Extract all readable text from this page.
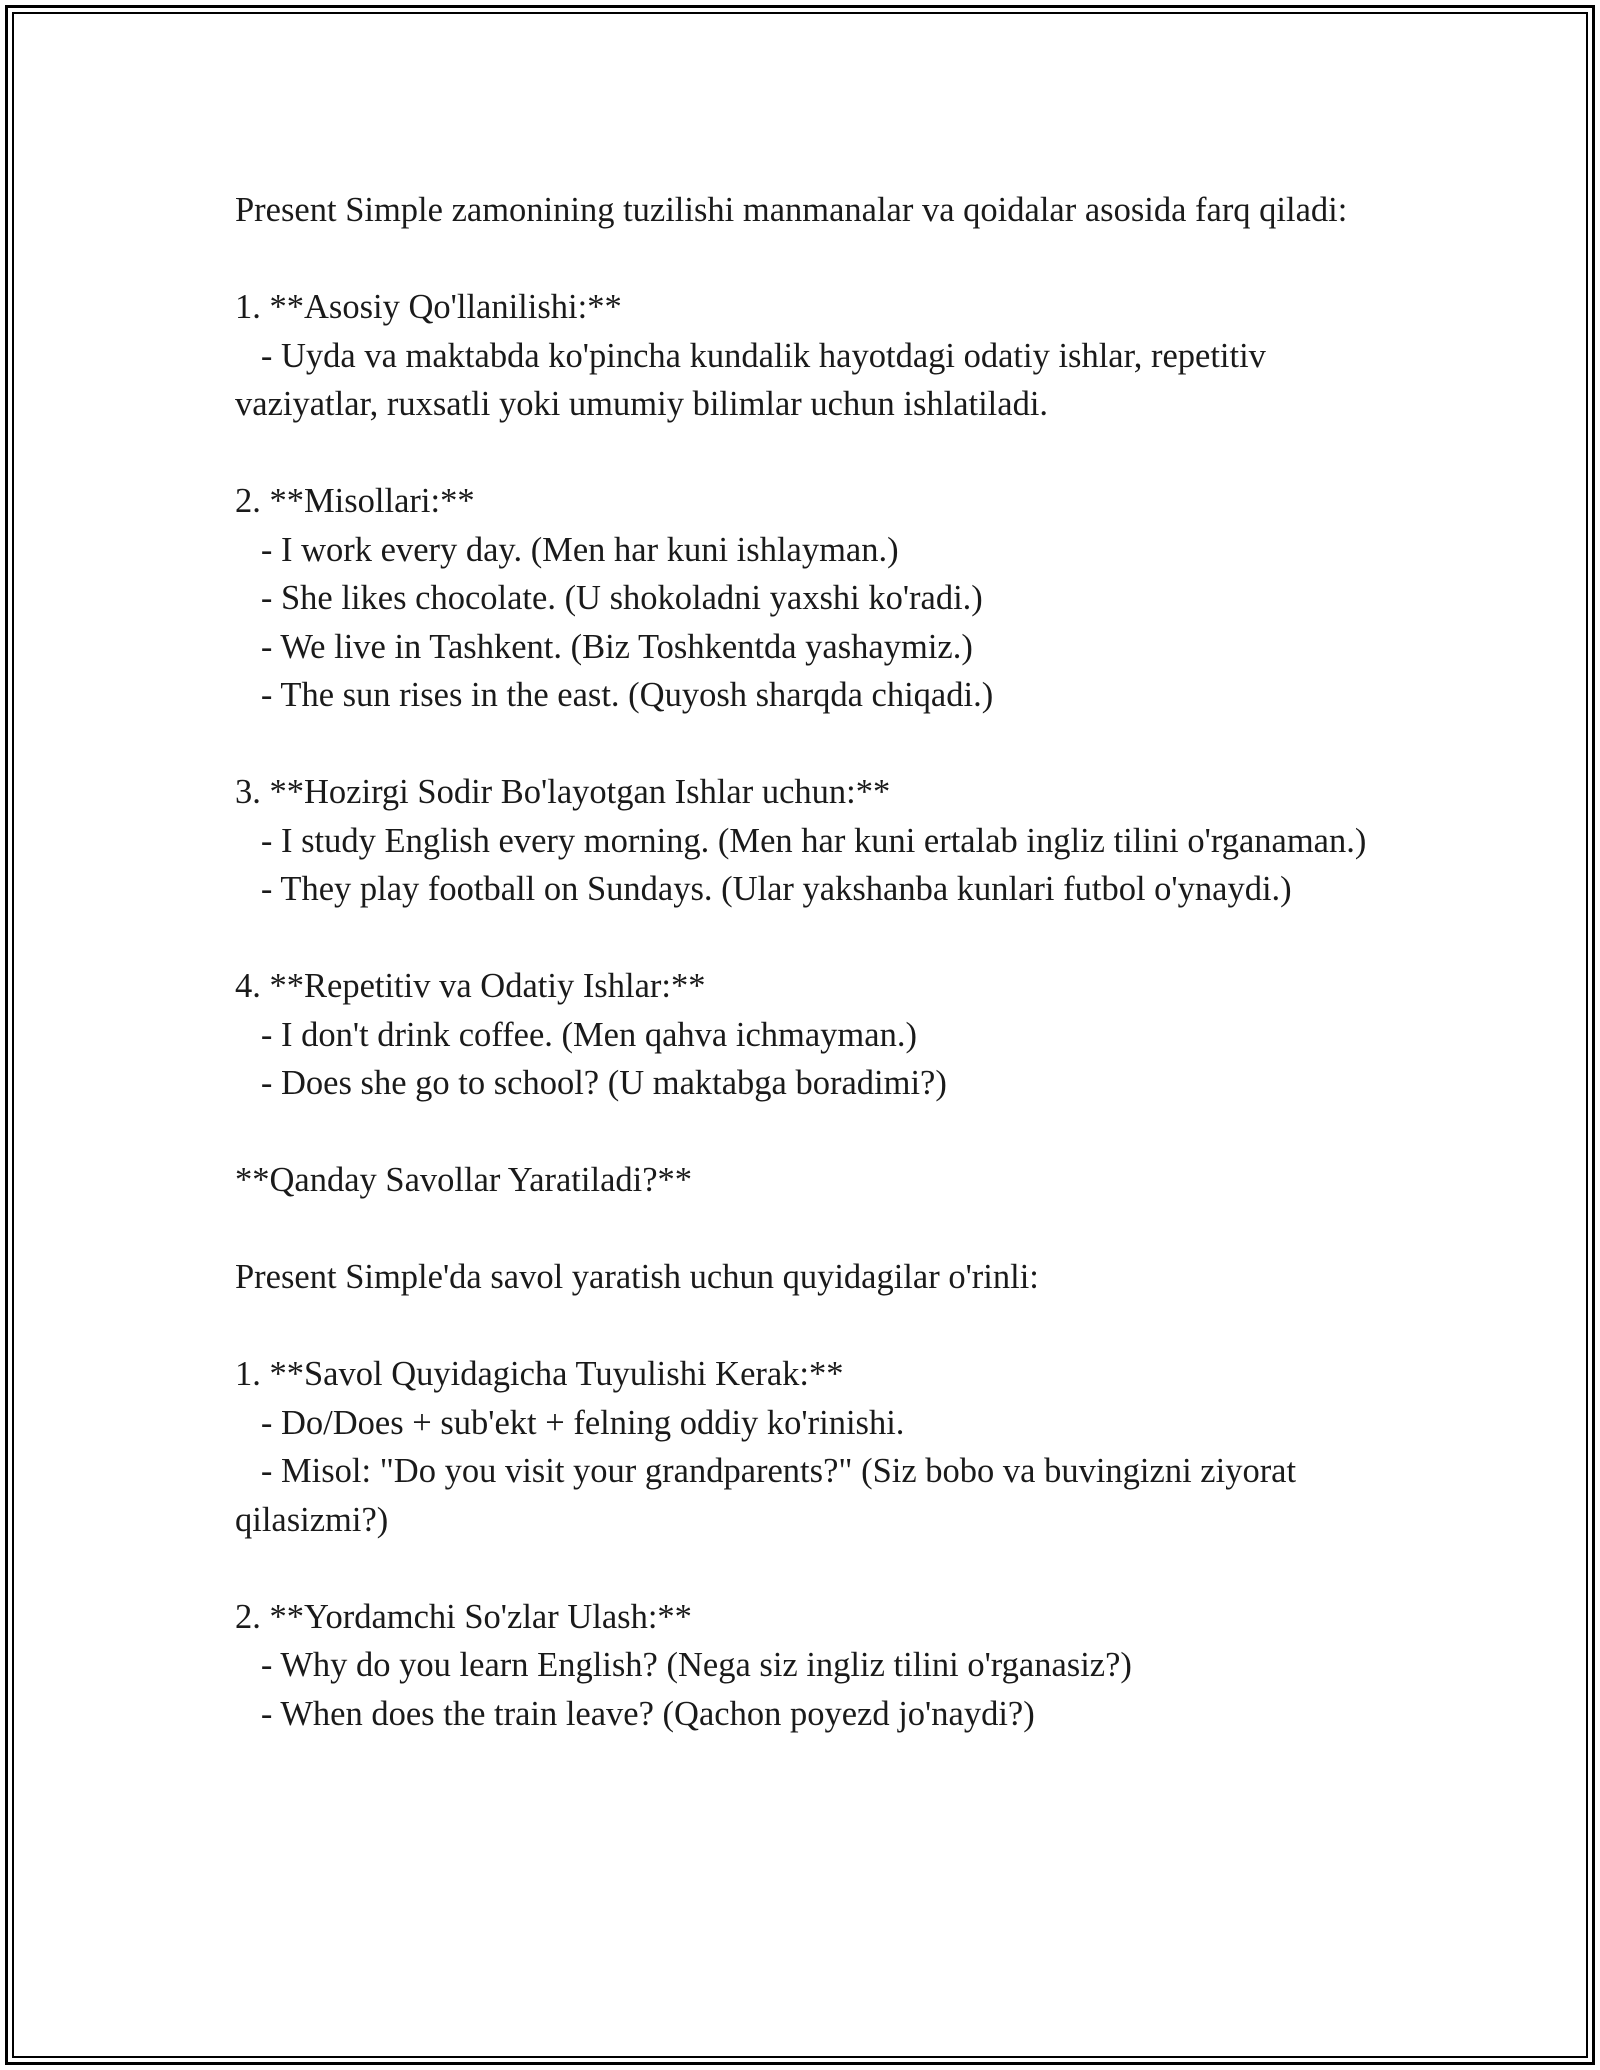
Present Simple zamonining tuzilishi manmanalar va qoidalar asosida farq qiladi:
1. **Asosiy Qo'llanilishi:**
- Uyda va maktabda ko'pincha kundalik hayotdagi odatiy ishlar, repetitiv vaziyatlar, ruxsatli yoki umumiy bilimlar uchun ishlatiladi.
2. **Misollari:**
- I work every day. (Men har kuni ishlayman.)
- She likes chocolate. (U shokoladni yaxshi ko'radi.)
- We live in Tashkent. (Biz Toshkentda yashaymiz.)
- The sun rises in the east. (Quyosh sharqda chiqadi.)
3. **Hozirgi Sodir Bo'layotgan Ishlar uchun:**
- I study English every morning. (Men har kuni ertalab ingliz tilini o'rganaman.)
- They play football on Sundays. (Ular yakshanba kunlari futbol o'ynaydi.)
4. **Repetitiv va Odatiy Ishlar:**
- I don't drink coffee. (Men qahva ichmayman.)
- Does she go to school? (U maktabga boradimi?)
**Qanday Savollar Yaratiladi?**
Present Simple'da savol yaratish uchun quyidagilar o'rinli:
1. **Savol Quyidagicha Tuyulishi Kerak:**
- Do/Does + sub'ekt + felning oddiy ko'rinishi.
- Misol: "Do you visit your grandparents?" (Siz bobo va buvingizni ziyorat qilasizmi?)
2. **Yordamchi So'zlar Ulash:**
- Why do you learn English? (Nega siz ingliz tilini o'rganasiz?)
- When does the train leave? (Qachon poyezd jo'naydi?)
